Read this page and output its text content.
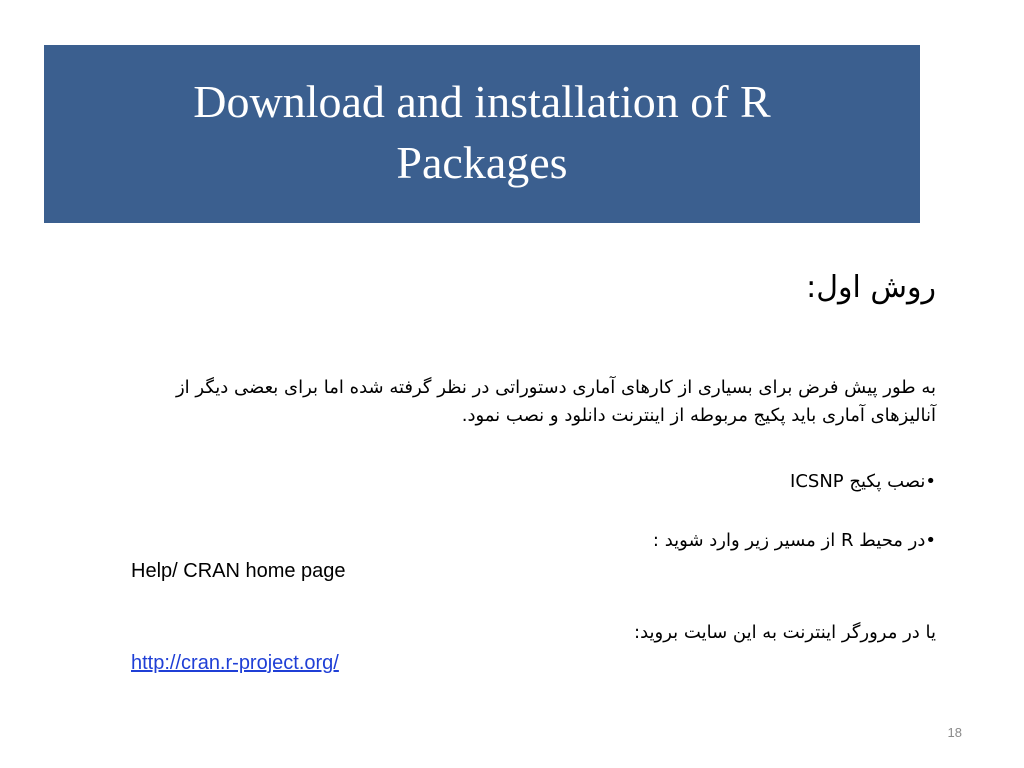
Download and installation of R Packages
روش اول:
به طور پیش فرض برای بسیاری از کارهای آماری دستوراتی در نظر گرفته شده اما برای بعضی دیگر از آنالیزهای آماری باید پکیج مربوطه از اینترنت دانلود و نصب نمود.
•نصب پکیج ICSNP
•در محیط R از مسیر زیر وارد شوید :
Help/ CRAN home page
یا در مرورگر اینترنت به این سایت بروید:
http://cran.r-project.org/
18
